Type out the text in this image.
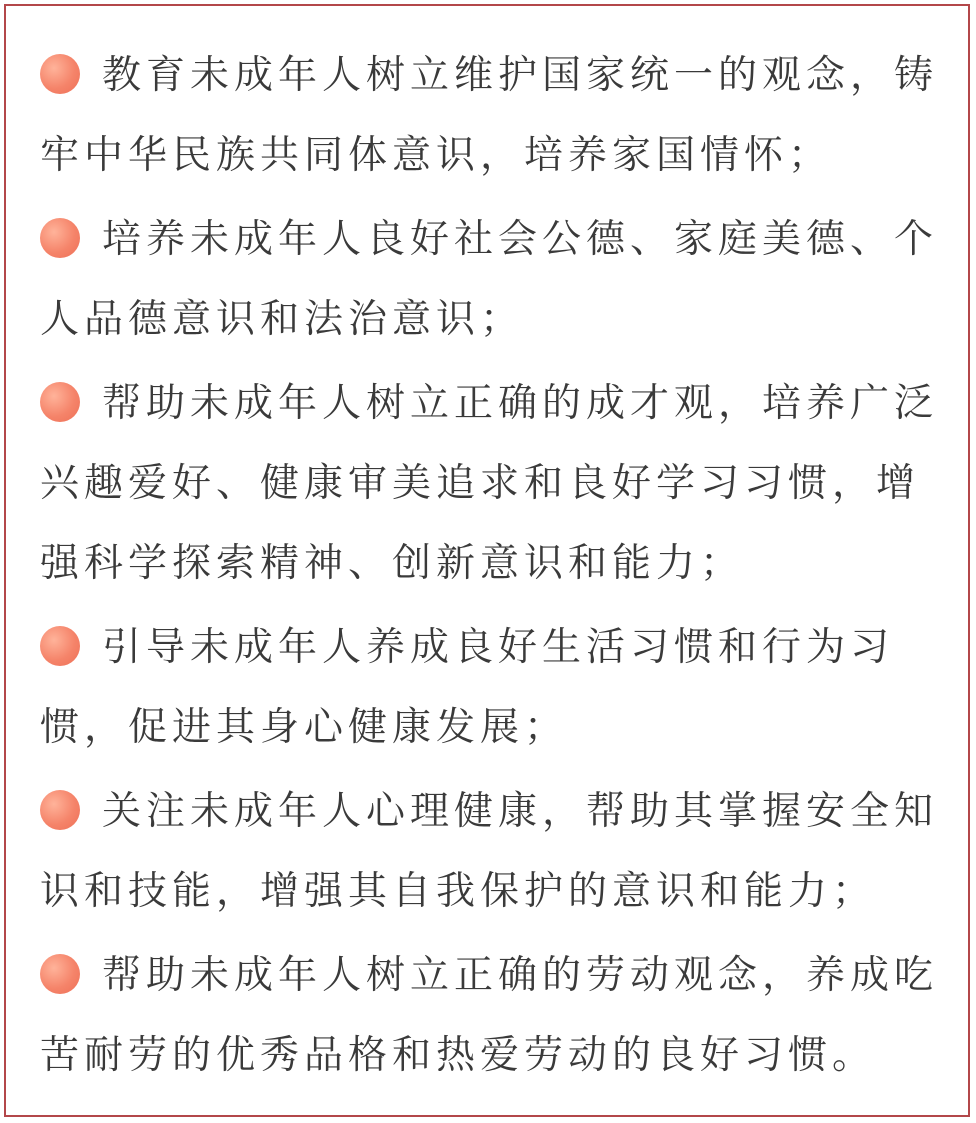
教育未成年人树立维护国家统一的观念，铸牢中华民族共同体意识，培养家国情怀；
培养未成年人良好社会公德、家庭美德、个人品德意识和法治意识；
帮助未成年人树立正确的成才观，培养广泛兴趣爱好、健康审美追求和良好学习习惯，增强科学探索精神、创新意识和能力；
引导未成年人养成良好生活习惯和行为习惯，促进其身心健康发展；
关注未成年人心理健康，帮助其掌握安全知识和技能，增强其自我保护的意识和能力；
帮助未成年人树立正确的劳动观念，养成吃苦耐劳的优秀品格和热爱劳动的良好习惯。
